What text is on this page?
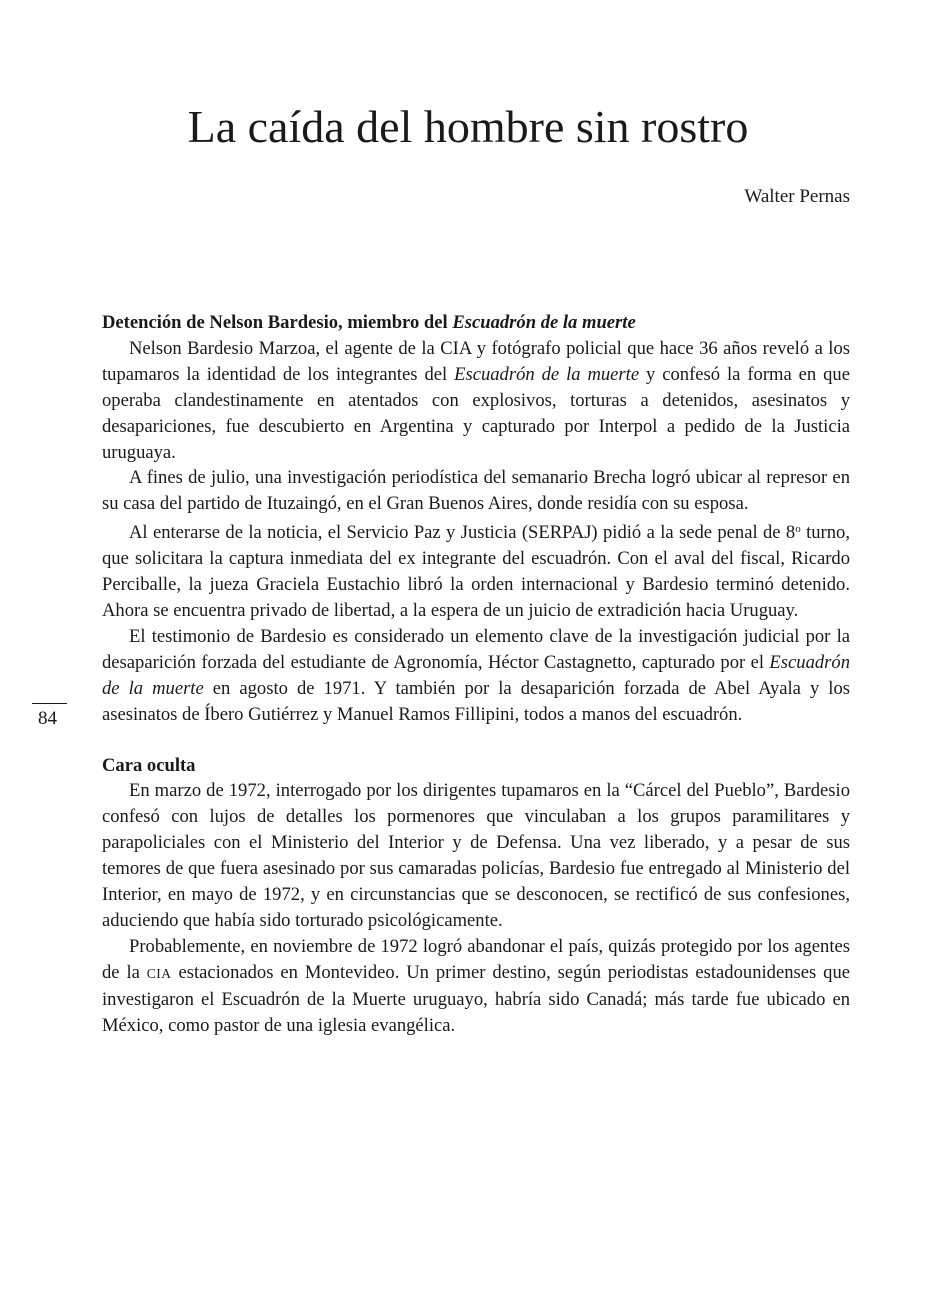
La caída del hombre sin rostro
Walter Pernas
84
Detención de Nelson Bardesio, miembro del Escuadrón de la muerte

Nelson Bardesio Marzoa, el agente de la CIA y fotógrafo policial que hace 36 años reveló a los tupamaros la identidad de los integrantes del Escuadrón de la muerte y confesó la forma en que operaba clandestinamente en atentados con explosivos, torturas a detenidos, asesinatos y desapariciones, fue descubierto en Argentina y capturado por Interpol a pedido de la Justicia uruguaya.

A fines de julio, una investigación periodística del semanario Brecha logró ubicar al represor en su casa del partido de Ituzaingó, en el Gran Buenos Aires, donde residía con su esposa.

Al enterarse de la noticia, el Servicio Paz y Justicia (SERPAJ) pidió a la sede penal de 8$^o$ turno, que solicitara la captura inmediata del ex integrante del escuadrón. Con el aval del fiscal, Ricardo Perciballe, la jueza Graciela Eustachio libró la orden internacional y Bardesio terminó detenido. Ahora se encuentra privado de libertad, a la espera de un juicio de extradición hacia Uruguay.

El testimonio de Bardesio es considerado un elemento clave de la investigación judicial por la desaparición forzada del estudiante de Agronomía, Héctor Castagnetto, capturado por el Escuadrón de la muerte en agosto de 1971. Y también por la desaparición forzada de Abel Ayala y los asesinatos de Íbero Gutiérrez y Manuel Ramos Fillipini, todos a manos del escuadrón.

Cara oculta

En marzo de 1972, interrogado por los dirigentes tupamaros en la “Cárcel del Pueblo”, Bardesio confesó con lujos de detalles los pormenores que vinculaban a los grupos paramilitares y parapoliciales con el Ministerio del Interior y de Defensa. Una vez liberado, y a pesar de sus temores de que fuera asesinado por sus camaradas policías, Bardesio fue entregado al Ministerio del Interior, en mayo de 1972, y en circunstancias que se desconocen, se rectificó de sus confesiones, aduciendo que había sido torturado psicológicamente.

Probablemente, en noviembre de 1972 logró abandonar el país, quizás protegido por los agentes de la CIA estacionados en Montevideo. Un primer destino, según periodistas estadounidenses que investigaron el Escuadrón de la Muerte uruguayo, habría sido Canadá; más tarde fue ubicado en México, como pastor de una iglesia evangélica.
